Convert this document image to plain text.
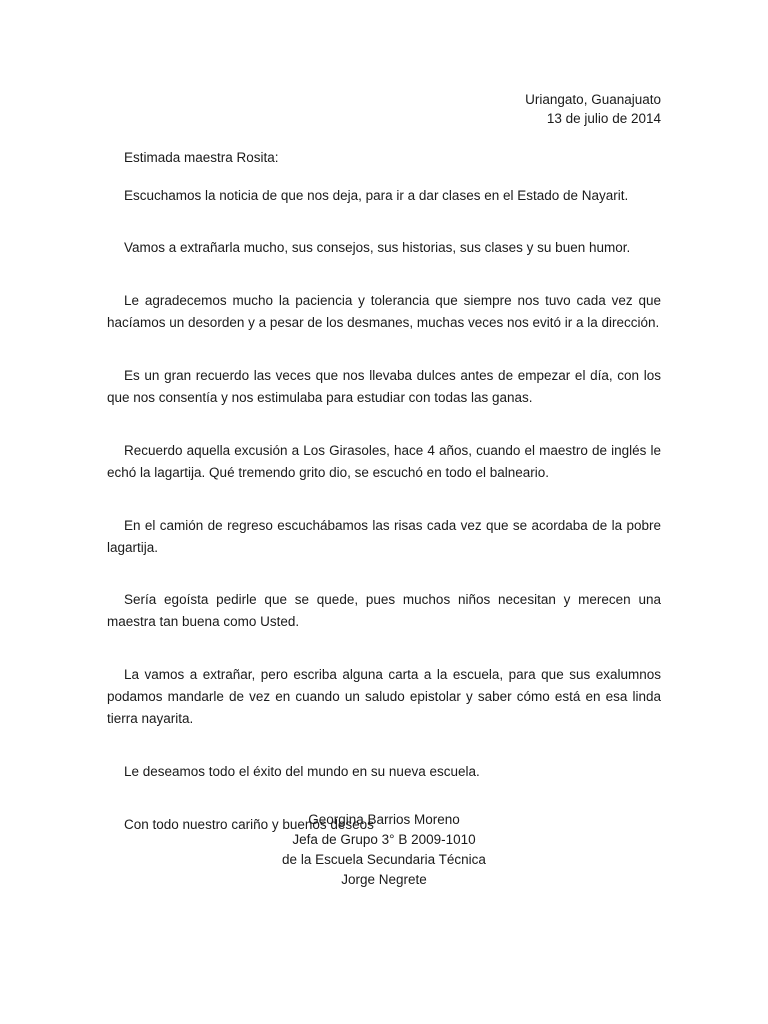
Uriangato, Guanajuato
13 de julio de 2014

Estimada maestra Rosita:

Escuchamos la noticia de que nos deja, para ir a dar clases en el Estado de Nayarit.

Vamos a extrañarla mucho, sus consejos, sus historias, sus clases y su buen humor.

Le agradecemos mucho la paciencia y tolerancia que siempre nos tuvo cada vez que hacíamos un desorden y a pesar de los desmanes, muchas veces nos evitó ir a la dirección.

Es un gran recuerdo las veces que nos llevaba dulces antes de empezar el día, con los que nos consentía y nos estimulaba para estudiar con todas las ganas.

Recuerdo aquella excusión a Los Girasoles, hace 4 años, cuando el maestro de inglés le echó la lagartija. Qué tremendo grito dio, se escuchó en todo el balneario.

En el camión de regreso escuchábamos las risas cada vez que se acordaba de la pobre lagartija.

Sería egoísta pedirle que se quede, pues muchos niños necesitan y merecen una maestra tan buena como Usted.

La vamos a extrañar, pero escriba alguna carta a la escuela, para que sus exalumnos podamos mandarle de vez en cuando un saludo epistolar y saber cómo está en esa linda tierra nayarita.

Le deseamos todo el éxito del mundo en su nueva escuela.

Con todo nuestro cariño y buenos deseos

Georgina Barrios Moreno
Jefa de Grupo 3° B 2009-1010
de la Escuela Secundaria Técnica
Jorge Negrete
